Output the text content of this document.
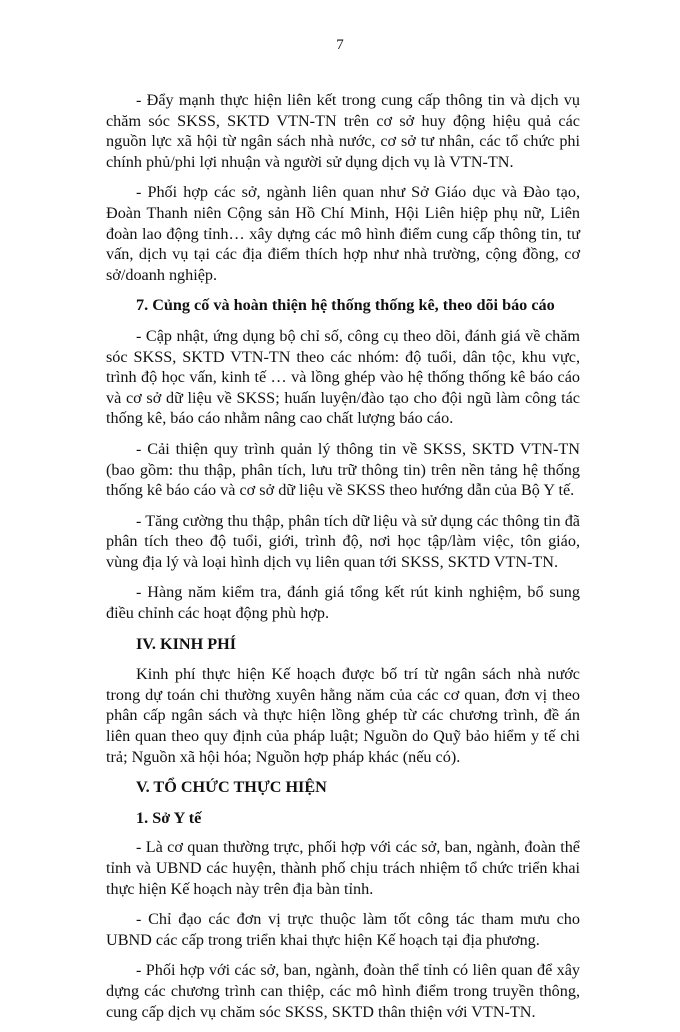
7

- Đẩy mạnh thực hiện liên kết trong cung cấp thông tin và dịch vụ chăm sóc SKSS, SKTD VTN-TN trên cơ sở huy động hiệu quả các nguồn lực xã hội từ ngân sách nhà nước, cơ sở tư nhân, các tổ chức phi chính phủ/phi lợi nhuận và người sử dụng dịch vụ là VTN-TN.

- Phối hợp các sở, ngành liên quan như Sở Giáo dục và Đào tạo, Đoàn Thanh niên Cộng sản Hồ Chí Minh, Hội Liên hiệp phụ nữ, Liên đoàn lao động tỉnh… xây dựng các mô hình điểm cung cấp thông tin, tư vấn, dịch vụ tại các địa điểm thích hợp như nhà trường, cộng đồng, cơ sở/doanh nghiệp.

7. Củng cố và hoàn thiện hệ thống thống kê, theo dõi báo cáo

- Cập nhật, ứng dụng bộ chỉ số, công cụ theo dõi, đánh giá về chăm sóc SKSS, SKTD VTN-TN theo các nhóm: độ tuổi, dân tộc, khu vực, trình độ học vấn, kinh tế … và lồng ghép vào hệ thống thống kê báo cáo và cơ sở dữ liệu về SKSS; huấn luyện/đào tạo cho đội ngũ làm công tác thống kê, báo cáo nhằm nâng cao chất lượng báo cáo.

- Cải thiện quy trình quản lý thông tin về SKSS, SKTD VTN-TN (bao gồm: thu thập, phân tích, lưu trữ thông tin) trên nền tảng hệ thống thống kê báo cáo và cơ sở dữ liệu về SKSS theo hướng dẫn của Bộ Y tế.

- Tăng cường thu thập, phân tích dữ liệu và sử dụng các thông tin đã phân tích theo độ tuổi, giới, trình độ, nơi học tập/làm việc, tôn giáo, vùng địa lý và loại hình dịch vụ liên quan tới SKSS, SKTD VTN-TN.

- Hàng năm kiểm tra, đánh giá tổng kết rút kinh nghiệm, bổ sung điều chỉnh các hoạt động phù hợp.

IV. KINH PHÍ

Kinh phí thực hiện Kế hoạch được bố trí từ ngân sách nhà nước trong dự toán chi thường xuyên hằng năm của các cơ quan, đơn vị theo phân cấp ngân sách và thực hiện lồng ghép từ các chương trình, đề án liên quan theo quy định của pháp luật; Nguồn do Quỹ bảo hiểm y tế chi trả; Nguồn xã hội hóa; Nguồn hợp pháp khác (nếu có).

V. TỔ CHỨC THỰC HIỆN

1. Sở Y tế

- Là cơ quan thường trực, phối hợp với các sở, ban, ngành, đoàn thể tỉnh và UBND các huyện, thành phố chịu trách nhiệm tổ chức triển khai thực hiện Kế hoạch này trên địa bàn tỉnh.

- Chỉ đạo các đơn vị trực thuộc làm tốt công tác tham mưu cho UBND các cấp trong triển khai thực hiện Kế hoạch tại địa phương.

- Phối hợp với các sở, ban, ngành, đoàn thể tỉnh có liên quan để xây dựng các chương trình can thiệp, các mô hình điểm trong truyền thông, cung cấp dịch vụ chăm sóc SKSS, SKTD thân thiện với VTN-TN.
